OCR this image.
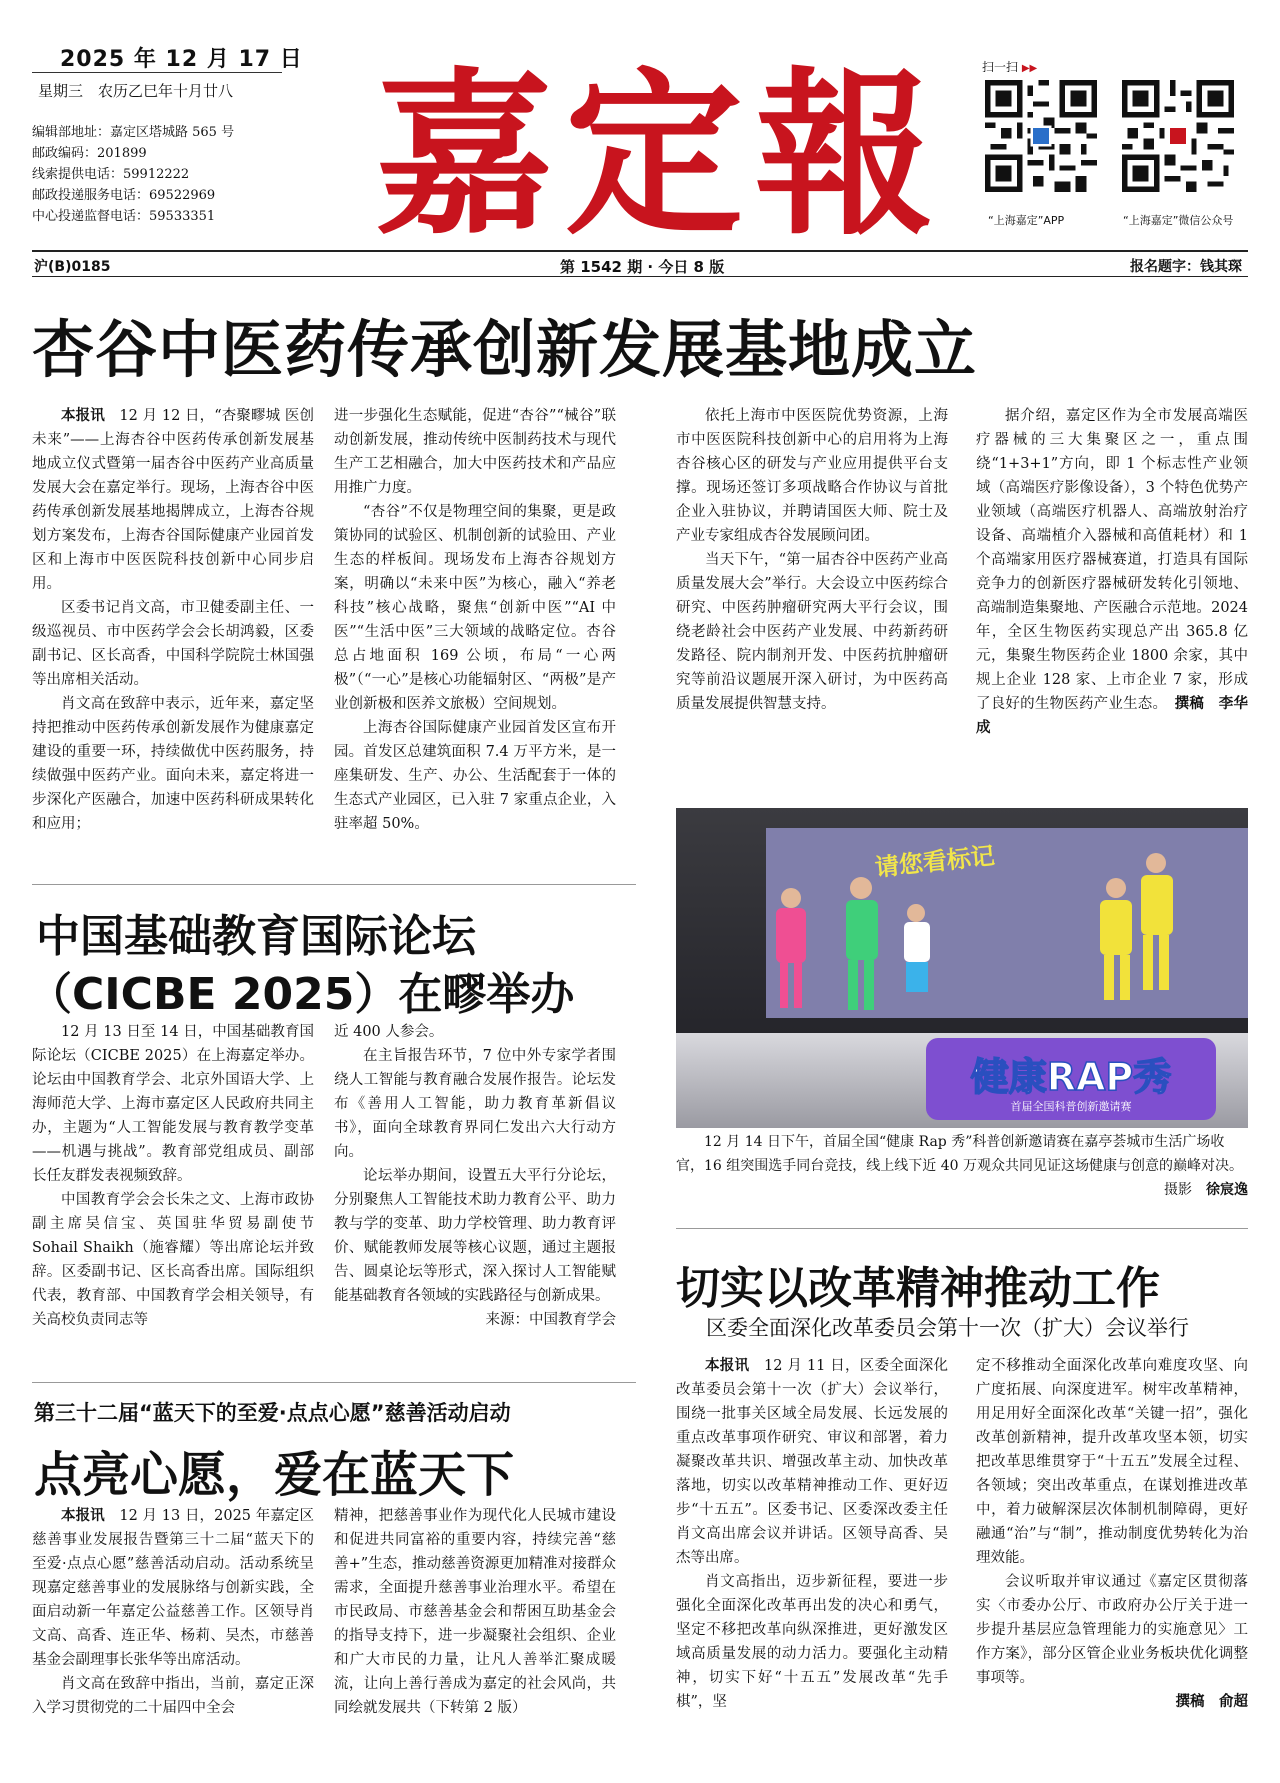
2025 年 12 月 17 日
星期三　农历乙巳年十月廿八
编辑部地址：嘉定区塔城路 565 号
邮政编码：201899
线索提供电话：59912222
邮政投递服务电话：69522969
中心投递监督电话：59533351 嘉定報	扫一扫 ▶▶
“上海嘉定”APP	“上海嘉定”微信公众号
沪(B)0185	第 1542 期 · 今日 8 版	报名题字：钱其琛
杏谷中医药传承创新发展基地成立

本报讯　12 月 12 日，“杏聚疁城 医创未来”——上海杏谷中医药传承创新发展基地成立仪式暨第一届杏谷中医药产业高质量发展大会在嘉定举行。现场，上海杏谷中医药传承创新发展基地揭牌成立，上海杏谷规划方案发布，上海杏谷国际健康产业园首发区和上海市中医医院科技创新中心同步启用。

区委书记肖文高，市卫健委副主任、一级巡视员、市中医药学会会长胡鸿毅，区委副书记、区长高香，中国科学院院士林国强等出席相关活动。

肖文高在致辞中表示，近年来，嘉定坚持把推动中医药传承创新发展作为健康嘉定建设的重要一环，持续做优中医药服务，持续做强中医药产业。面向未来，嘉定将进一步深化产医融合，加速中医药科研成果转化和应用；

进一步强化生态赋能，促进“杏谷”“械谷”联动创新发展，推动传统中医制药技术与现代生产工艺相融合，加大中医药技术和产品应用推广力度。

“杏谷”不仅是物理空间的集聚，更是政策协同的试验区、机制创新的试验田、产业生态的样板间。现场发布上海杏谷规划方案，明确以“未来中医”为核心，融入“养老科技”核心战略，聚焦“创新中医”“AI 中医”“生活中医”三大领域的战略定位。杏谷总占地面积 169 公顷，布局“一心两极”（“一心”是核心功能辐射区、“两极”是产业创新极和医养文旅极）空间规划。

上海杏谷国际健康产业园首发区宣布开园。首发区总建筑面积 7.4 万平方米，是一座集研发、生产、办公、生活配套于一体的生态式产业园区，已入驻 7 家重点企业，入驻率超 50%。

依托上海市中医医院优势资源，上海市中医医院科技创新中心的启用将为上海杏谷核心区的研发与产业应用提供平台支撑。现场还签订多项战略合作协议与首批企业入驻协议，并聘请国医大师、院士及产业专家组成杏谷发展顾问团。

当天下午，“第一届杏谷中医药产业高质量发展大会”举行。大会设立中医药综合研究、中医药肿瘤研究两大平行会议，围绕老龄社会中医药产业发展、中药新药研发路径、院内制剂开发、中医药抗肿瘤研究等前沿议题展开深入研讨，为中医药高质量发展提供智慧支持。

据介绍，嘉定区作为全市发展高端医疗器械的三大集聚区之一，重点围绕“1+3+1”方向，即 1 个标志性产业领域（高端医疗影像设备），3 个特色优势产业领域（高端医疗机器人、高端放射治疗设备、高端植介入器械和高值耗材）和 1 个高端家用医疗器械赛道，打造具有国际竞争力的创新医疗器械研发转化引领地、高端制造集聚地、产医融合示范地。2024 年，全区生物医药实现总产出 365.8 亿元，集聚生物医药企业 1800 余家，其中规上企业 128 家、上市企业 7 家，形成了良好的生物医药产业生态。　撰稿　李华成

中国基础教育国际论坛
（CICBE 2025）在疁举办

12 月 13 日至 14 日，中国基础教育国际论坛（CICBE 2025）在上海嘉定举办。论坛由中国教育学会、北京外国语大学、上海师范大学、上海市嘉定区人民政府共同主办，主题为“人工智能发展与教育教学变革——机遇与挑战”。教育部党组成员、副部长任友群发表视频致辞。

中国教育学会会长朱之文、上海市政协副主席吴信宝、英国驻华贸易副使节 Sohail Shaikh（施睿耀）等出席论坛并致辞。区委副书记、区长高香出席。国际组织代表，教育部、中国教育学会相关领导，有关高校负责同志等

近 400 人参会。

在主旨报告环节，7 位中外专家学者围绕人工智能与教育融合发展作报告。论坛发布《善用人工智能，助力教育革新倡议书》，面向全球教育界同仁发出六大行动方向。

论坛举办期间，设置五大平行分论坛，分别聚焦人工智能技术助力教育公平、助力教与学的变革、助力学校管理、助力教育评价、赋能教师发展等核心议题，通过主题报告、圆桌论坛等形式，深入探讨人工智能赋能基础教育各领域的实践路径与创新成果。

来源：中国教育学会

第三十二届“蓝天下的至爱·点点心愿”慈善活动启动
点亮心愿，爱在蓝天下

本报讯　12 月 13 日，2025 年嘉定区慈善事业发展报告暨第三十二届“蓝天下的至爱·点点心愿”慈善活动启动。活动系统呈现嘉定慈善事业的发展脉络与创新实践，全面启动新一年嘉定公益慈善工作。区领导肖文高、高香、连正华、杨莉、吴杰，市慈善基金会副理事长张华等出席活动。

肖文高在致辞中指出，当前，嘉定正深入学习贯彻党的二十届四中全会

精神，把慈善事业作为现代化人民城市建设和促进共同富裕的重要内容，持续完善“慈善+”生态，推动慈善资源更加精准对接群众需求，全面提升慈善事业治理水平。希望在市民政局、市慈善基金会和帮困互助基金会的指导支持下，进一步凝聚社会组织、企业和广大市民的力量，让凡人善举汇聚成暖流，让向上善行善成为嘉定的社会风尚，共同绘就发展共（下转第 2 版）

请您看标记
健康RAP秀
首届全国科普创新邀请赛
12 月 14 日下午，首届全国“健康 Rap 秀”科普创新邀请赛在嘉亭荟城市生活广场收官，16 组突围选手同台竞技，线上线下近 40 万观众共同见证这场健康与创意的巅峰对决。
摄影　 徐宸逸
切实以改革精神推动工作
区委全面深化改革委员会第十一次（扩大）会议举行

本报讯　12 月 11 日，区委全面深化改革委员会第十一次（扩大）会议举行，围绕一批事关区域全局发展、长远发展的重点改革事项作研究、审议和部署，着力凝聚改革共识、增强改革主动、加快改革落地，切实以改革精神推动工作、更好迈步“十五五”。区委书记、区委深改委主任肖文高出席会议并讲话。区领导高香、吴杰等出席。

肖文高指出，迈步新征程，要进一步强化全面深化改革再出发的决心和勇气，坚定不移把改革向纵深推进，更好激发区域高质量发展的动力活力。要强化主动精神，切实下好“十五五”发展改革“先手棋”，坚

定不移推动全面深化改革向难度攻坚、向广度拓展、向深度进军。树牢改革精神，用足用好全面深化改革“关键一招”，强化改革创新精神，提升改革攻坚本领，切实把改革思维贯穿于“十五五”发展全过程、各领域；突出改革重点，在谋划推进改革中，着力破解深层次体制机制障碍，更好融通“治”与“制”，推动制度优势转化为治理效能。

会议听取并审议通过《嘉定区贯彻落实〈市委办公厅、市政府办公厅关于进一步提升基层应急管理能力的实施意见〉工作方案》，部分区管企业业务板块优化调整事项等。

撰稿　俞超
